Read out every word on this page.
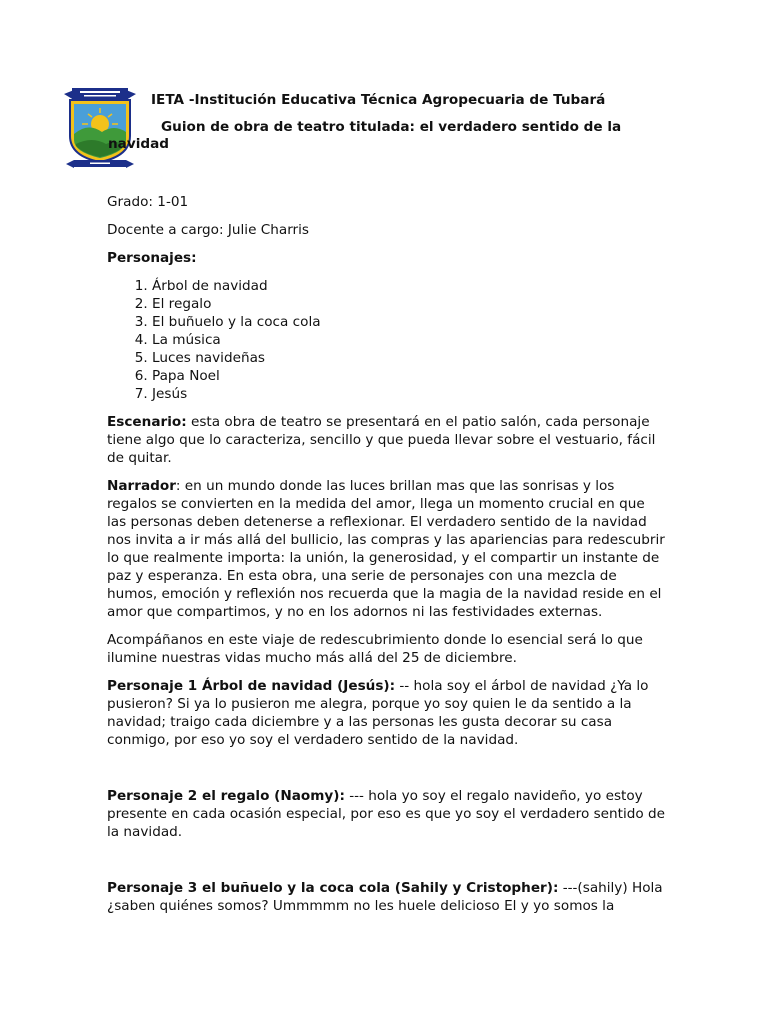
IETA -Institución Educativa Técnica Agropecuaria de Tubará
Guion de obra de teatro titulada: el verdadero sentido de la navidad

Grado: 1-01

Docente a cargo: Julie Charris

Personajes:

1. Árbol de navidad
2. El regalo
3. El buñuelo y la coca cola
4. La música
5. Luces navideñas
6. Papa Noel
7. Jesús

Escenario: esta obra de teatro se presentará en el patio salón, cada personaje tiene algo que lo caracteriza, sencillo y que pueda llevar sobre el vestuario, fácil de quitar.

Narrador: en un mundo donde las luces brillan mas que las sonrisas y los regalos se convierten en la medida del amor, llega un momento crucial en que las personas deben detenerse a reflexionar. El verdadero sentido de la navidad nos invita a ir más allá del bullicio, las compras y las apariencias para redescubrir lo que realmente importa: la unión, la generosidad, y el compartir un instante de paz y esperanza. En esta obra, una serie de personajes con una mezcla de humos, emoción y reflexión nos recuerda que la magia de la navidad reside en el amor que compartimos, y no en los adornos ni las festividades externas.

Acompáñanos en este viaje de redescubrimiento donde lo esencial será lo que ilumine nuestras vidas mucho más allá del 25 de diciembre.

Personaje 1 Árbol de navidad (Jesús): -- hola soy el árbol de navidad ¿Ya lo pusieron? Si ya lo pusieron me alegra, porque yo soy quien le da sentido a la navidad; traigo cada diciembre y a las personas les gusta decorar su casa conmigo, por eso yo soy el verdadero sentido de la navidad.

Personaje 2 el regalo (Naomy): --- hola yo soy el regalo navideño, yo estoy presente en cada ocasión especial, por eso es que yo soy el verdadero sentido de la navidad.

Personaje 3 el buñuelo y la coca cola (Sahily y Cristopher): ---(sahily) Hola ¿saben quiénes somos? Ummmmm no les huele delicioso El y yo somos la
